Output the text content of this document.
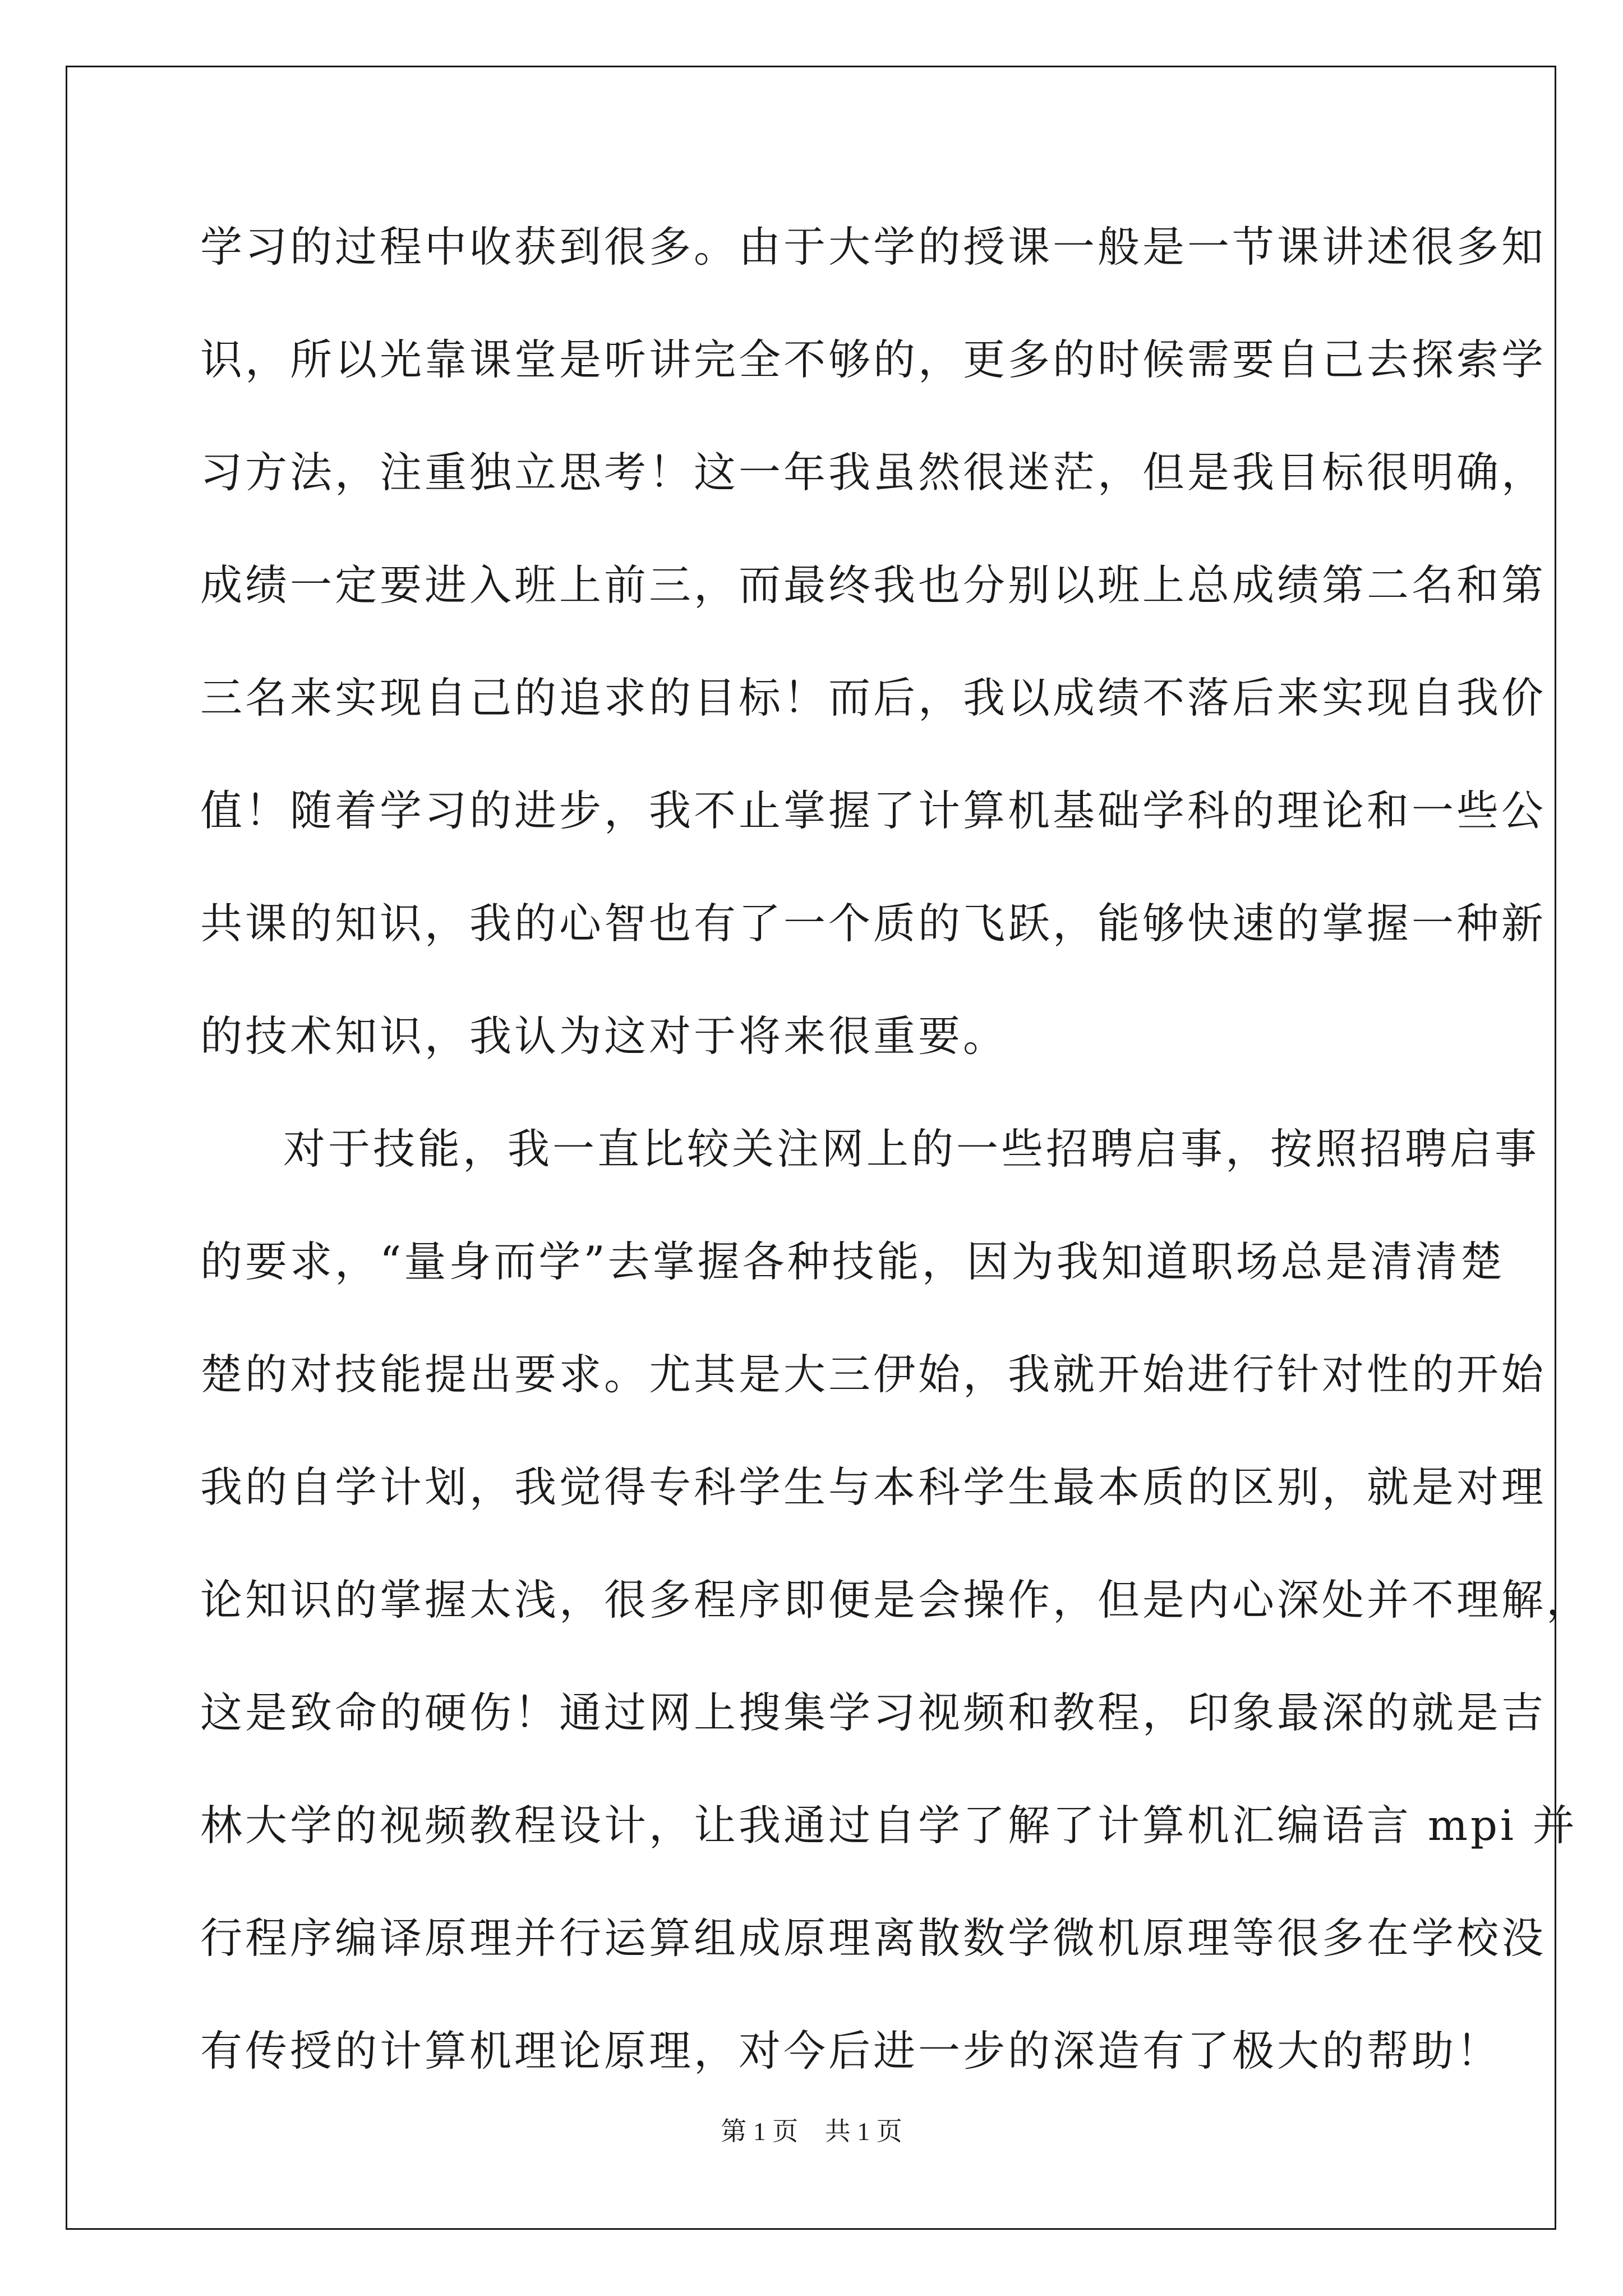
学习的过程中收获到很多。由于大学的授课一般是一节课讲述很多知
识，所以光靠课堂是听讲完全不够的，更多的时候需要自己去探索学
习方法，注重独立思考！这一年我虽然很迷茫，但是我目标很明确，
成绩一定要进入班上前三，而最终我也分别以班上总成绩第二名和第
三名来实现自己的追求的目标！而后，我以成绩不落后来实现自我价
值！随着学习的进步，我不止掌握了计算机基础学科的理论和一些公
共课的知识，我的心智也有了一个质的飞跃，能够快速的掌握一种新
的技术知识，我认为这对于将来很重要。
对于技能，我一直比较关注网上的一些招聘启事，按照招聘启事
的要求，“量身而学”去掌握各种技能，因为我知道职场总是清清楚
楚的对技能提出要求。尤其是大三伊始，我就开始进行针对性的开始
我的自学计划，我觉得专科学生与本科学生最本质的区别，就是对理
论知识的掌握太浅，很多程序即便是会操作，但是内心深处并不理解，
这是致命的硬伤！通过网上搜集学习视频和教程，印象最深的就是吉
林大学的视频教程设计，让我通过自学了解了计算机汇编语言 mpi 并
行程序编译原理并行运算组成原理离散数学微机原理等很多在学校没
有传授的计算机理论原理，对今后进一步的深造有了极大的帮助！
第 1 页 共 1 页
